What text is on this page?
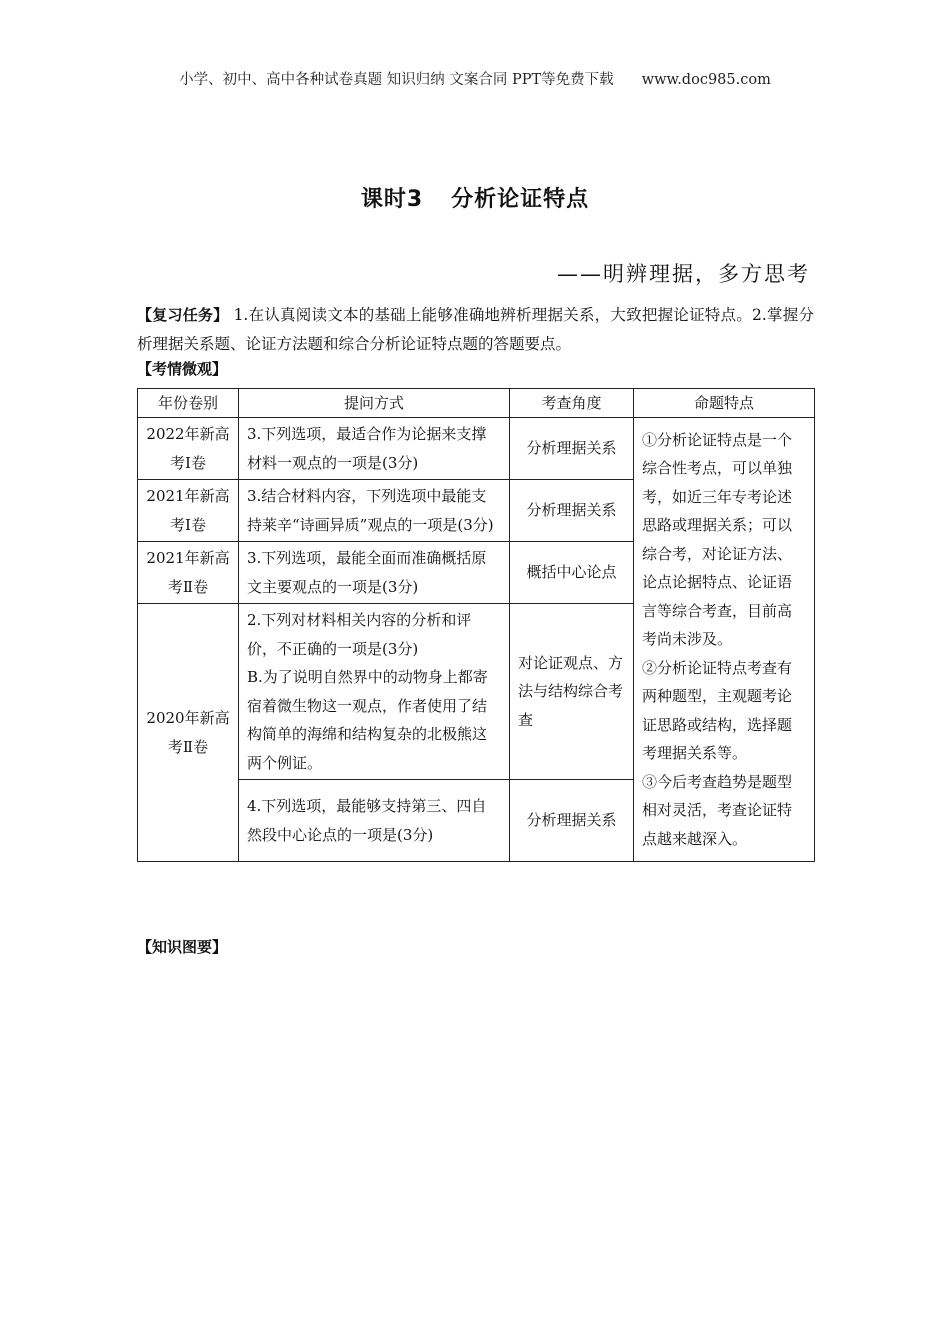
小学、初中、高中各种试卷真题 知识归纳 文案合同 PPT等免费下载 www.doc985.com
课时3 分析论证特点
——明辨理据，多方思考
【复习任务】 1.在认真阅读文本的基础上能够准确地辨析理据关系，大致把握论证特点。2.掌握分析理据关系题、论证方法题和综合分析论证特点题的答题要点。
【考情微观】
年份卷别	提问方式	考查角度	命题特点
2022年新高考Ⅰ卷	3.下列选项，最适合作为论据来支撑材料一观点的一项是(3分)	分析理据关系	①分析论证特点是一个综合性考点，可以单独考，如近三年专考论述思路或理据关系；可以综合考，对论证方法、论点论据特点、论证语言等综合考查，目前高考尚未涉及。
②分析论证特点考查有两种题型，主观题考论证思路或结构，选择题考理据关系等。
③今后考查趋势是题型相对灵活，考查论证特点越来越深入。

2021年新高考Ⅰ卷	3.结合材料内容，下列选项中最能支持莱辛“诗画异质”观点的一项是(3分)	分析理据关系	
2021年新高考Ⅱ卷	3.下列选项，最能全面而准确概括原文主要观点的一项是(3分)	概括中心论点	
2020年新高考Ⅱ卷	2.下列对材料相关内容的分析和评价，不正确的一项是(3分)
B.为了说明自然界中的动物身上都寄宿着微生物这一观点，作者使用了结构简单的海绵和结构复杂的北极熊这两个例证。	对论证观点、方法与结构综合考查	
	4.下列选项，最能够支持第三、四自然段中心论点的一项是(3分)	分析理据关系	
【知识图要】
